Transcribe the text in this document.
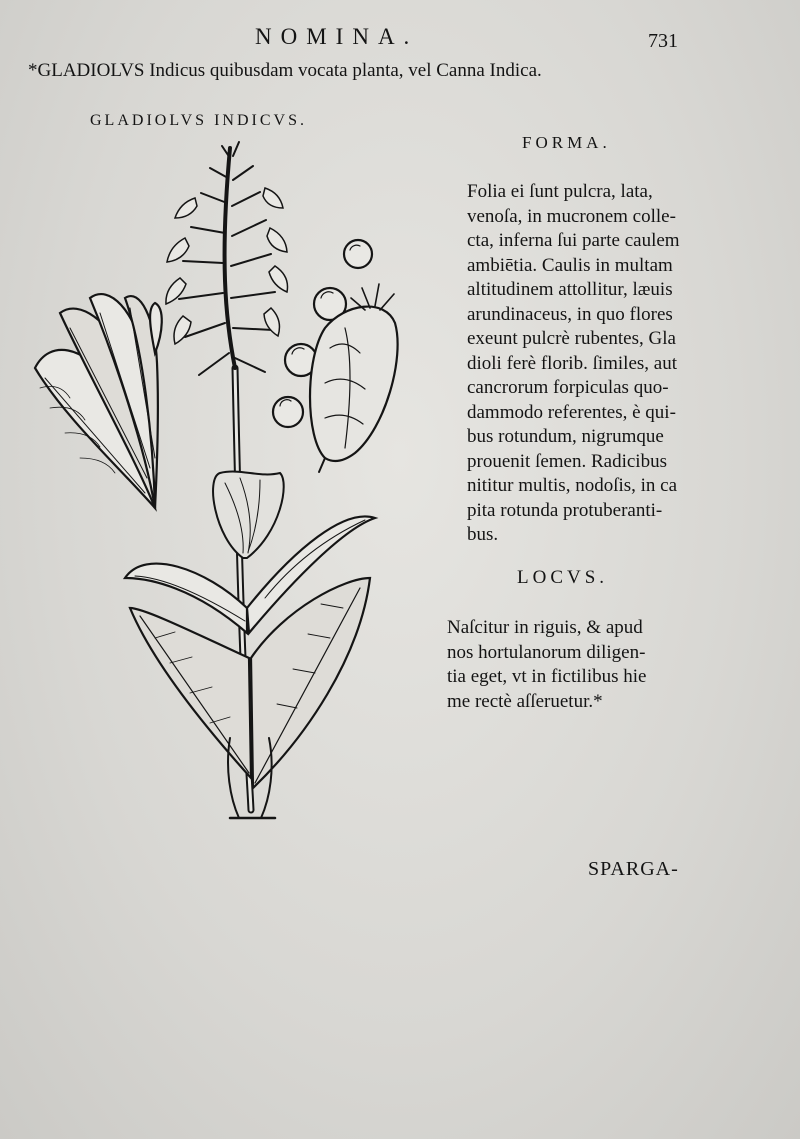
NOMINA.	731
*GLADIOLVS Indicus quibusdam vocata planta, vel Canna Indica.
GLADIOLVS INDICVS.
FORMA.
Folia ei ſunt pulcra, lata,
venoſa, in mucronem colle-
cta, inferna ſui parte caulem
ambiētia. Caulis in multam
altitudinem attollitur, læuis
arundinaceus, in quo flores
exeunt pulcrè rubentes, Gla
dioli ferè florib. ſimiles, aut
cancrorum forpiculas quo-
dammodo referentes, è qui-
bus rotundum, nigrumque
prouenit ſemen. Radicibus
nititur multis, nodoſis, in ca
pita rotunda protuberanti-
bus.
LOCVS.
Naſcitur in riguis, & apud
nos hortulanorum diligen-
tia eget, vt in fictilibus hie
me rectè aſſeruetur.*
SPARGA-
